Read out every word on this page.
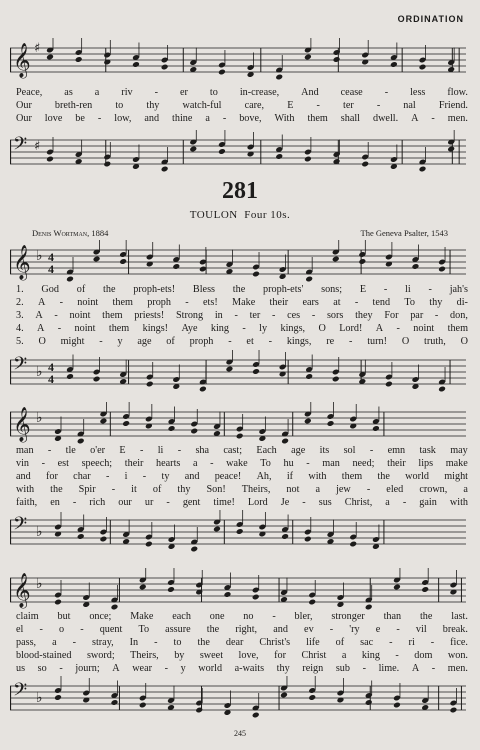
ORDINATION
𝄞 ♯
Peace, as a riv - er to in-crease, And cease - less flow.
Our breth-ren to thy watch-ful care, E - ter - nal Friend.
Our love be - low, and thine a - bove, With them shall dwell. A - men.
𝄢 ♯
281
TOULON Four 10s.
Denis Wortman, 1884	The Geneva Psalter, 1543
𝄞 ♭ 4
4
1. God of the proph-ets! Bless the proph-ets' sons; E - li - jah's
2. A - noint them proph - ets! Make their ears at - tend To thy di-
3. A - noint them priests! Strong in - ter - ces - sors they For par - don,
4. A - noint them kings! Aye king - ly kings, O Lord! A - noint them
5. O might - y age of proph - et - kings, re - turn! O truth, O
𝄢 ♭ 4
4
𝄞 ♭
man - tle o'er E - li - sha cast; Each age its sol - emn task may
vin - est speech; their hearts a - wake To hu - man need; their lips make
and for char - i - ty and peace! Ah, if with them the world might
with the Spir - it of thy Son! Theirs, not a jew - eled crown, a
faith, en - rich our ur - gent time! Lord Je - sus Christ, a - gain with
𝄢 ♭
𝄞 ♭
claim but once; Make each one no - bler, stronger than the last.
el - o - quent To assure the right, and ev - 'ry e - vil break.
pass, a - stray, In - to the dear Christ's life of sac - ri - fice.
blood-stained sword; Theirs, by sweet love, for Christ a king - dom won.
us so - journ; A wear - y world a-waits thy reign sub - lime. A - men.
𝄢 ♭
245
